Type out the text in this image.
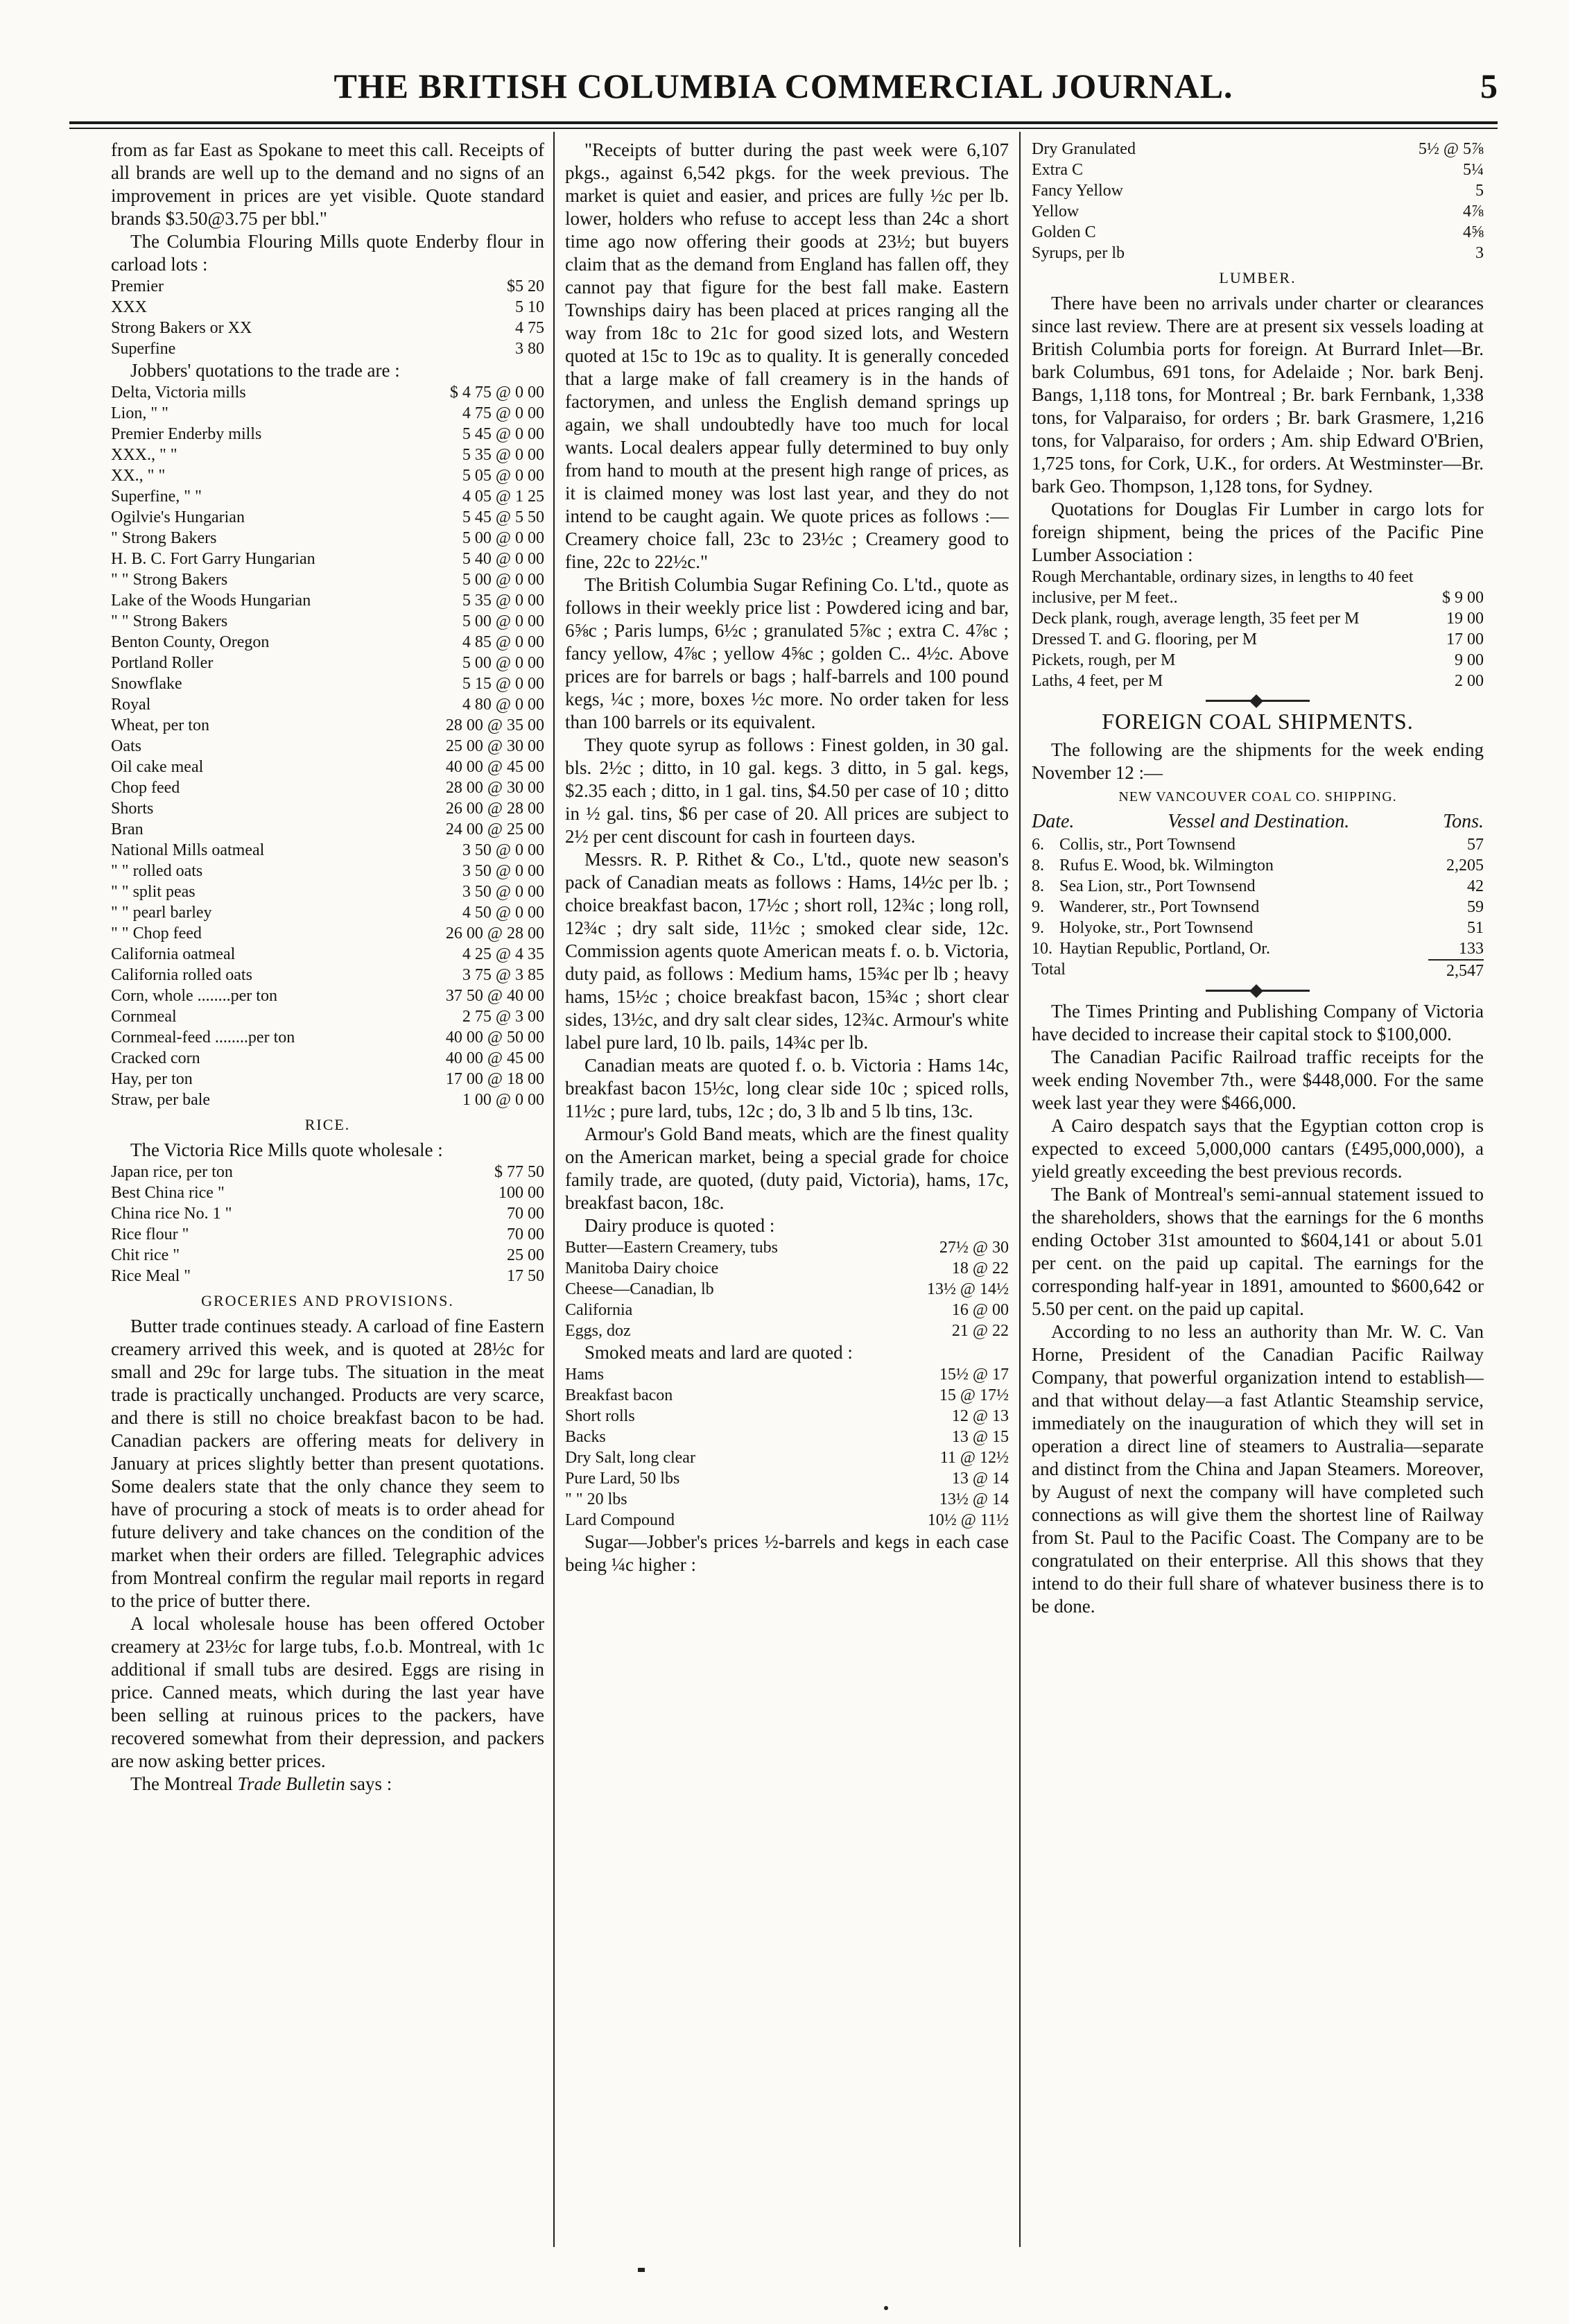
THE BRITISH COLUMBIA COMMERCIAL JOURNAL.	5

from as far East as Spokane to meet this call. Receipts of all brands are well up to the demand and no signs of an improvement in prices are yet visible. Quote standard brands $3.50@3.75 per bbl."

The Columbia Flouring Mills quote Enderby flour in carload lots :

Premier	$5 20
XXX	5 10
Strong Bakers or XX	4 75
Superfine	3 80

Jobbers' quotations to the trade are :

Delta, Victoria mills	$ 4 75 @ 0 00
Lion, " "	4 75 @ 0 00
Premier Enderby mills	5 45 @ 0 00
XXX., " "	5 35 @ 0 00
XX., " "	5 05 @ 0 00
Superfine, " "	4 05 @ 1 25
Ogilvie's Hungarian	5 45 @ 5 50
" Strong Bakers	5 00 @ 0 00
H. B. C. Fort Garry Hungarian	5 40 @ 0 00
" " Strong Bakers	5 00 @ 0 00
Lake of the Woods Hungarian	5 35 @ 0 00
" " Strong Bakers	5 00 @ 0 00
Benton County, Oregon	4 85 @ 0 00
Portland Roller	5 00 @ 0 00
Snowflake	5 15 @ 0 00
Royal	4 80 @ 0 00
Wheat, per ton	28 00 @ 35 00
Oats	25 00 @ 30 00
Oil cake meal	40 00 @ 45 00
Chop feed	28 00 @ 30 00
Shorts	26 00 @ 28 00
Bran	24 00 @ 25 00
National Mills oatmeal	3 50 @ 0 00
" " rolled oats	3 50 @ 0 00
" " split peas	3 50 @ 0 00
" " pearl barley	4 50 @ 0 00
" " Chop feed	26 00 @ 28 00
California oatmeal	4 25 @ 4 35
California rolled oats	3 75 @ 3 85
Corn, whole ........per ton	37 50 @ 40 00
Cornmeal	2 75 @ 3 00
Cornmeal-feed ........per ton	40 00 @ 50 00
Cracked corn	40 00 @ 45 00
Hay, per ton	17 00 @ 18 00
Straw, per bale	1 00 @ 0 00
RICE.

The Victoria Rice Mills quote wholesale :

Japan rice, per ton	$ 77 50
Best China rice "	100 00
China rice No. 1 "	70 00
Rice flour "	70 00
Chit rice "	25 00
Rice Meal "	17 50
GROCERIES AND PROVISIONS.

Butter trade continues steady. A carload of fine Eastern creamery arrived this week, and is quoted at 28½c for small and 29c for large tubs. The situation in the meat trade is practically unchanged. Products are very scarce, and there is still no choice breakfast bacon to be had. Canadian packers are offering meats for delivery in January at prices slightly better than present quotations. Some dealers state that the only chance they seem to have of procuring a stock of meats is to order ahead for future delivery and take chances on the condition of the market when their orders are filled. Telegraphic advices from Montreal confirm the regular mail reports in regard to the price of butter there.

A local wholesale house has been offered October creamery at 23½c for large tubs, f.o.b. Montreal, with 1c additional if small tubs are desired. Eggs are rising in price. Canned meats, which during the last year have been selling at ruinous prices to the packers, have recovered somewhat from their depression, and packers are now asking better prices.

The Montreal Trade Bulletin says :

"Receipts of butter during the past week were 6,107 pkgs., against 6,542 pkgs. for the week previous. The market is quiet and easier, and prices are fully ½c per lb. lower, holders who refuse to accept less than 24c a short time ago now offering their goods at 23½; but buyers claim that as the demand from England has fallen off, they cannot pay that figure for the best fall make. Eastern Townships dairy has been placed at prices ranging all the way from 18c to 21c for good sized lots, and Western quoted at 15c to 19c as to quality. It is generally conceded that a large make of fall creamery is in the hands of factorymen, and unless the English demand springs up again, we shall undoubtedly have too much for local wants. Local dealers appear fully determined to buy only from hand to mouth at the present high range of prices, as it is claimed money was lost last year, and they do not intend to be caught again. We quote prices as follows :—Creamery choice fall, 23c to 23½c ; Creamery good to fine, 22c to 22½c."

The British Columbia Sugar Refining Co. L'td., quote as follows in their weekly price list : Powdered icing and bar, 6⅝c ; Paris lumps, 6½c ; granulated 5⅞c ; extra C. 4⅞c ; fancy yellow, 4⅞c ; yellow 4⅝c ; golden C.. 4½c. Above prices are for barrels or bags ; half-barrels and 100 pound kegs, ¼c ; more, boxes ½c more. No order taken for less than 100 barrels or its equivalent.

They quote syrup as follows : Finest golden, in 30 gal. bls. 2½c ; ditto, in 10 gal. kegs. 3 ditto, in 5 gal. kegs, $2.35 each ; ditto, in 1 gal. tins, $4.50 per case of 10 ; ditto in ½ gal. tins, $6 per case of 20. All prices are subject to 2½ per cent discount for cash in fourteen days.

Messrs. R. P. Rithet & Co., L'td., quote new season's pack of Canadian meats as follows : Hams, 14½c per lb. ; choice breakfast bacon, 17½c ; short roll, 12¾c ; long roll, 12¾c ; dry salt side, 11½c ; smoked clear side, 12c. Commission agents quote American meats f. o. b. Victoria, duty paid, as follows : Medium hams, 15¾c per lb ; heavy hams, 15½c ; choice breakfast bacon, 15¾c ; short clear sides, 13½c, and dry salt clear sides, 12¾c. Armour's white label pure lard, 10 lb. pails, 14¾c per lb.

Canadian meats are quoted f. o. b. Victoria : Hams 14c, breakfast bacon 15½c, long clear side 10c ; spiced rolls, 11½c ; pure lard, tubs, 12c ; do, 3 lb and 5 lb tins, 13c.

Armour's Gold Band meats, which are the finest quality on the American market, being a special grade for choice family trade, are quoted, (duty paid, Victoria), hams, 17c, breakfast bacon, 18c.

Dairy produce is quoted :

Butter—Eastern Creamery, tubs	27½ @ 30
Manitoba Dairy choice	18 @ 22
Cheese—Canadian, lb	13½ @ 14½
California	16 @ 00
Eggs, doz	21 @ 22

Smoked meats and lard are quoted :

Hams	15½ @ 17
Breakfast bacon	15 @ 17½
Short rolls	12 @ 13
Backs	13 @ 15
Dry Salt, long clear	11 @ 12½
Pure Lard, 50 lbs	13 @ 14
" " 20 lbs	13½ @ 14
Lard Compound	10½ @ 11½

Sugar—Jobber's prices ½-barrels and kegs in each case being ¼c higher :

Dry Granulated	5½ @ 5⅞
Extra C	5¼
Fancy Yellow	5
Yellow	4⅞
Golden C	4⅝
Syrups, per lb	3
LUMBER.

There have been no arrivals under charter or clearances since last review. There are at present six vessels loading at British Columbia ports for foreign. At Burrard Inlet—Br. bark Columbus, 691 tons, for Adelaide ; Nor. bark Benj. Bangs, 1,118 tons, for Montreal ; Br. bark Fernbank, 1,338 tons, for Valparaiso, for orders ; Br. bark Grasmere, 1,216 tons, for Valparaiso, for orders ; Am. ship Edward O'Brien, 1,725 tons, for Cork, U.K., for orders. At Westminster—Br. bark Geo. Thompson, 1,128 tons, for Sydney.

Quotations for Douglas Fir Lumber in cargo lots for foreign shipment, being the prices of the Pacific Pine Lumber Association :

Rough Merchantable, ordinary sizes, in lengths to 40 feet inclusive, per M feet..	$ 9 00
Deck plank, rough, average length, 35 feet per M	19 00
Dressed T. and G. flooring, per M	17 00
Pickets, rough, per M	9 00
Laths, 4 feet, per M	2 00
FOREIGN COAL SHIPMENTS.

The following are the shipments for the week ending November 12 :—

NEW VANCOUVER COAL CO. SHIPPING.
Date.	Vessel and Destination.	Tons.
6. Collis, str., Port Townsend	57
8. Rufus E. Wood, bk. Wilmington	2,205
8. Sea Lion, str., Port Townsend	42
9. Wanderer, str., Port Townsend	59
9. Holyoke, str., Port Townsend	51
10. Haytian Republic, Portland, Or.	133
Total	2,547

The Times Printing and Publishing Company of Victoria have decided to increase their capital stock to $100,000.

The Canadian Pacific Railroad traffic receipts for the week ending November 7th., were $448,000. For the same week last year they were $466,000.

A Cairo despatch says that the Egyptian cotton crop is expected to exceed 5,000,000 cantars (£495,000,000), a yield greatly exceeding the best previous records.

The Bank of Montreal's semi-annual statement issued to the shareholders, shows that the earnings for the 6 months ending October 31st amounted to $604,141 or about 5.01 per cent. on the paid up capital. The earnings for the corresponding half-year in 1891, amounted to $600,642 or 5.50 per cent. on the paid up capital.

According to no less an authority than Mr. W. C. Van Horne, President of the Canadian Pacific Railway Company, that powerful organization intend to establish—and that without delay—a fast Atlantic Steamship service, immediately on the inauguration of which they will set in operation a direct line of steamers to Australia—separate and distinct from the China and Japan Steamers. Moreover, by August of next the company will have completed such connections as will give them the shortest line of Railway from St. Paul to the Pacific Coast. The Company are to be congratulated on their enterprise. All this shows that they intend to do their full share of whatever business there is to be done.
